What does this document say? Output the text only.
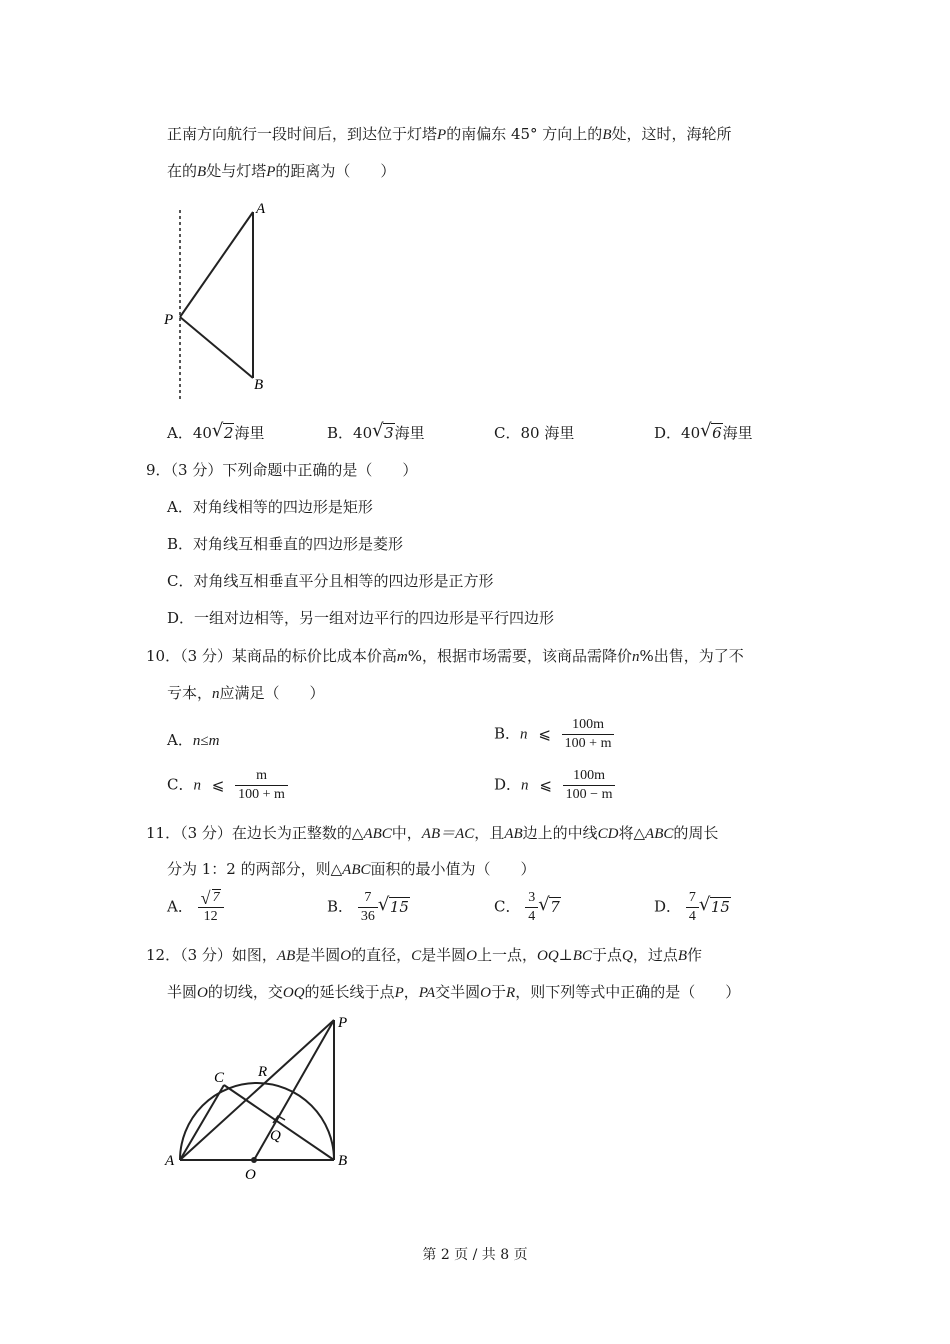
正南方向航行一段时间后，到达位于灯塔P的南偏东 45° 方向上的B处，这时，海轮所
在的B处与灯塔P的距离为（　　）
A
P
B
A．40 √ 2海里	B．40 √ 3海里	C．80 海里	D．40 √ 6海里
9．（3 分）下列命题中正确的是（　　）
A．对角线相等的四边形是矩形
B．对角线互相垂直的四边形是菱形
C．对角线互相垂直平分且相等的四边形是正方形
D．一组对边相等，另一组对边平行的四边形是平行四边形
10．（3 分）某商品的标价比成本价高m%，根据市场需要，该商品需降价n%出售，为了不
亏本，n应满足（　　）
A．n≤m	B．n ⩽ $\frac{100m}{100 + m}$
C．n ⩽ $\frac{m}{100 + m}$	D．n ⩽ $\frac{100m}{100 - m}$
11．（3 分）在边长为正整数的△ABC中，AB＝AC，且AB边上的中线CD将△ABC的周长
分为 1：2 的两部分，则△ABC面积的最小值为（　　）
A． $\frac{√ 7}{12}$	B． $\frac{7}{36}$ √ 15	C． $\frac{3}{4}$ √ 7	D． $\frac{7}{4}$ √ 15
12．（3 分）如图，AB是半圆O的直径，C是半圆O上一点，OQ⊥BC于点Q，过点B作
半圆O的切线，交OQ的延长线于点P，PA交半圆O于R，则下列等式中正确的是（　　）
P
C R
Q
A
O
B
第 2 页 / 共 8 页
